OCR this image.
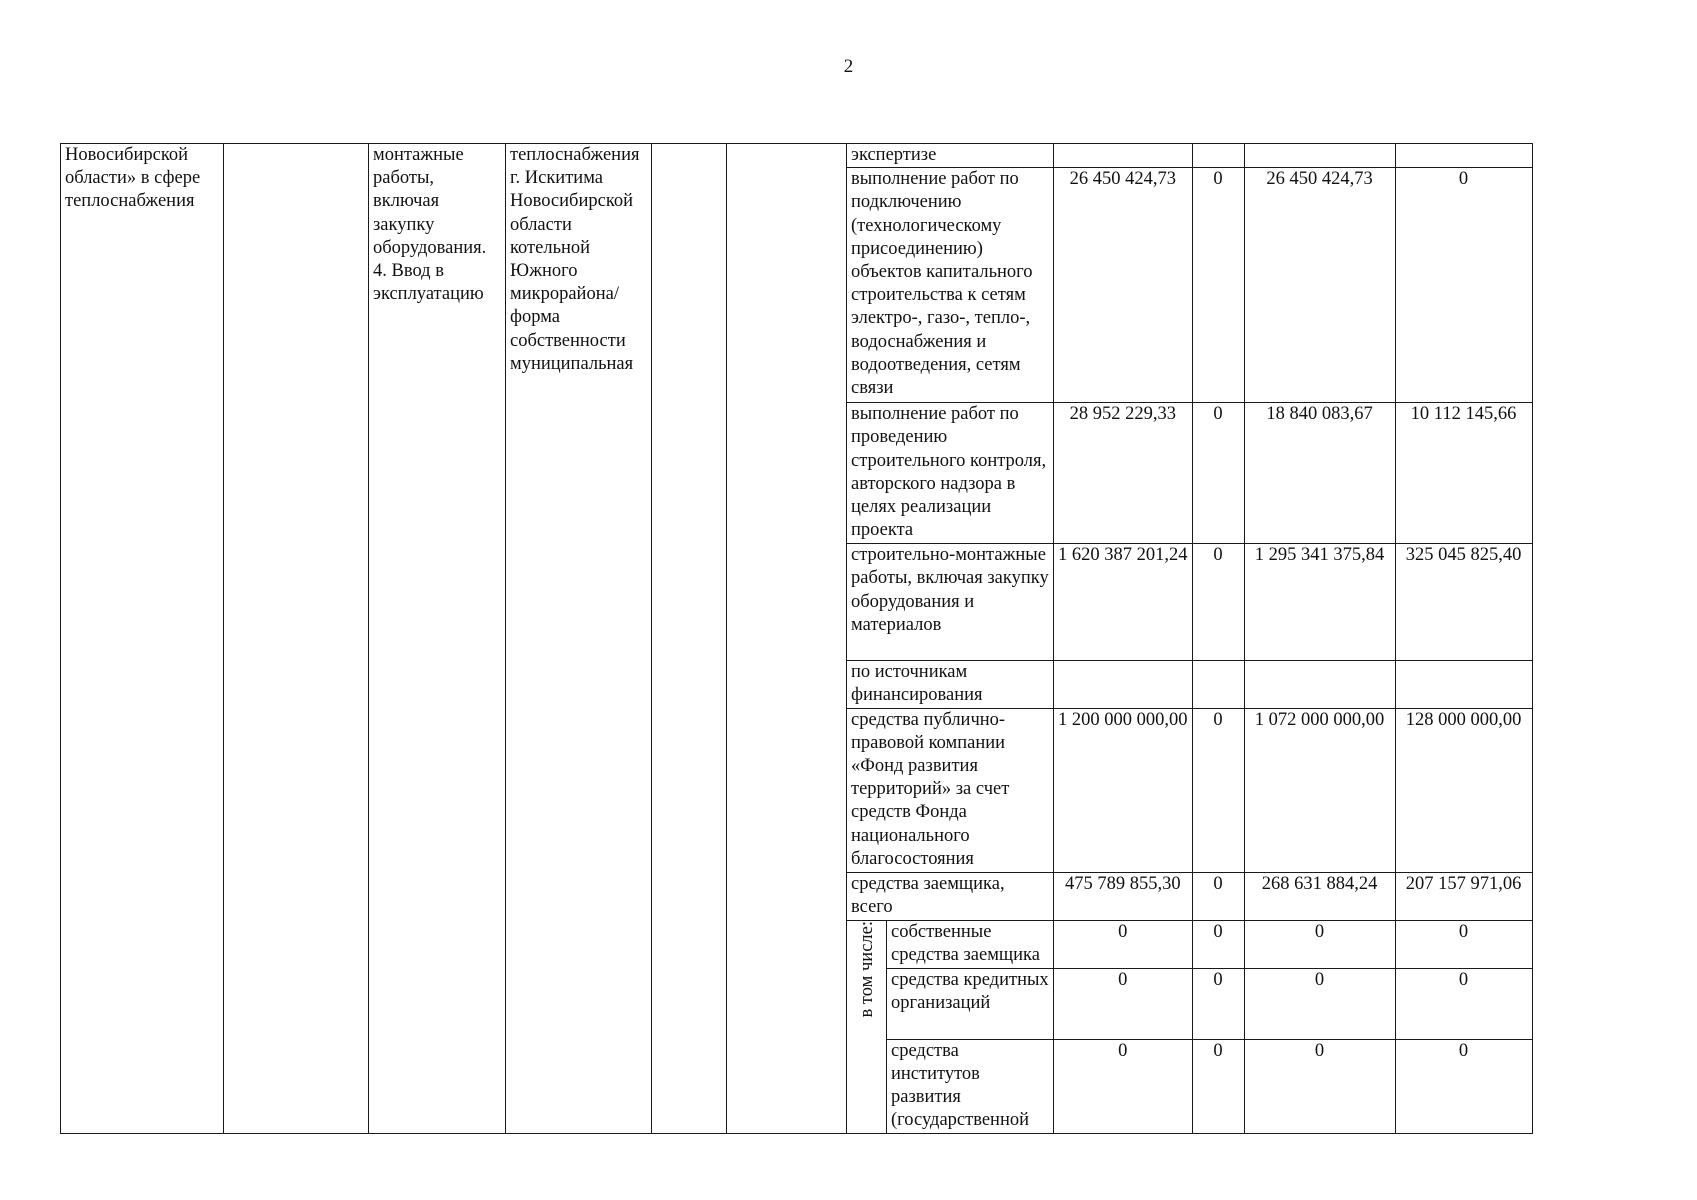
2
Новосибирской области» в сфере теплоснабжения		монтажные работы, включая закупку оборудования. 4. Ввод в эксплуатацию	теплоснабжения г. Искитима Новосибирской области котельной Южного микрорайона/ форма собственности муниципальная			экспертизе					
						выполнение работ по подключению (технологическому присоединению) объектов капитального строительства к сетям электро-, газо-, тепло-, водоснабжения и водоотведения, сетям связи		26 450 424,73	0	26 450 424,73	0
						выполнение работ по проведению строительного контроля, авторского надзора в целях реализации проекта		28 952 229,33	0	18 840 083,67	10 112 145,66
						строительно-монтажные работы, включая закупку оборудования и материалов		1 620 387 201,24	0	1 295 341 375,84	325 045 825,40
						по источникам финансирования					
						средства публично-правовой компании «Фонд развития территорий» за счет средств Фонда национального благосостояния		1 200 000 000,00	0	1 072 000 000,00	128 000 000,00
						средства заемщика, всего		475 789 855,30	0	268 631 884,24	207 157 971,06
						в том числе:	собственные средства заемщика	0	0	0	0
							средства кредитных организаций	0	0	0	0
							средства институтов развития (государственной	0	0	0	0
